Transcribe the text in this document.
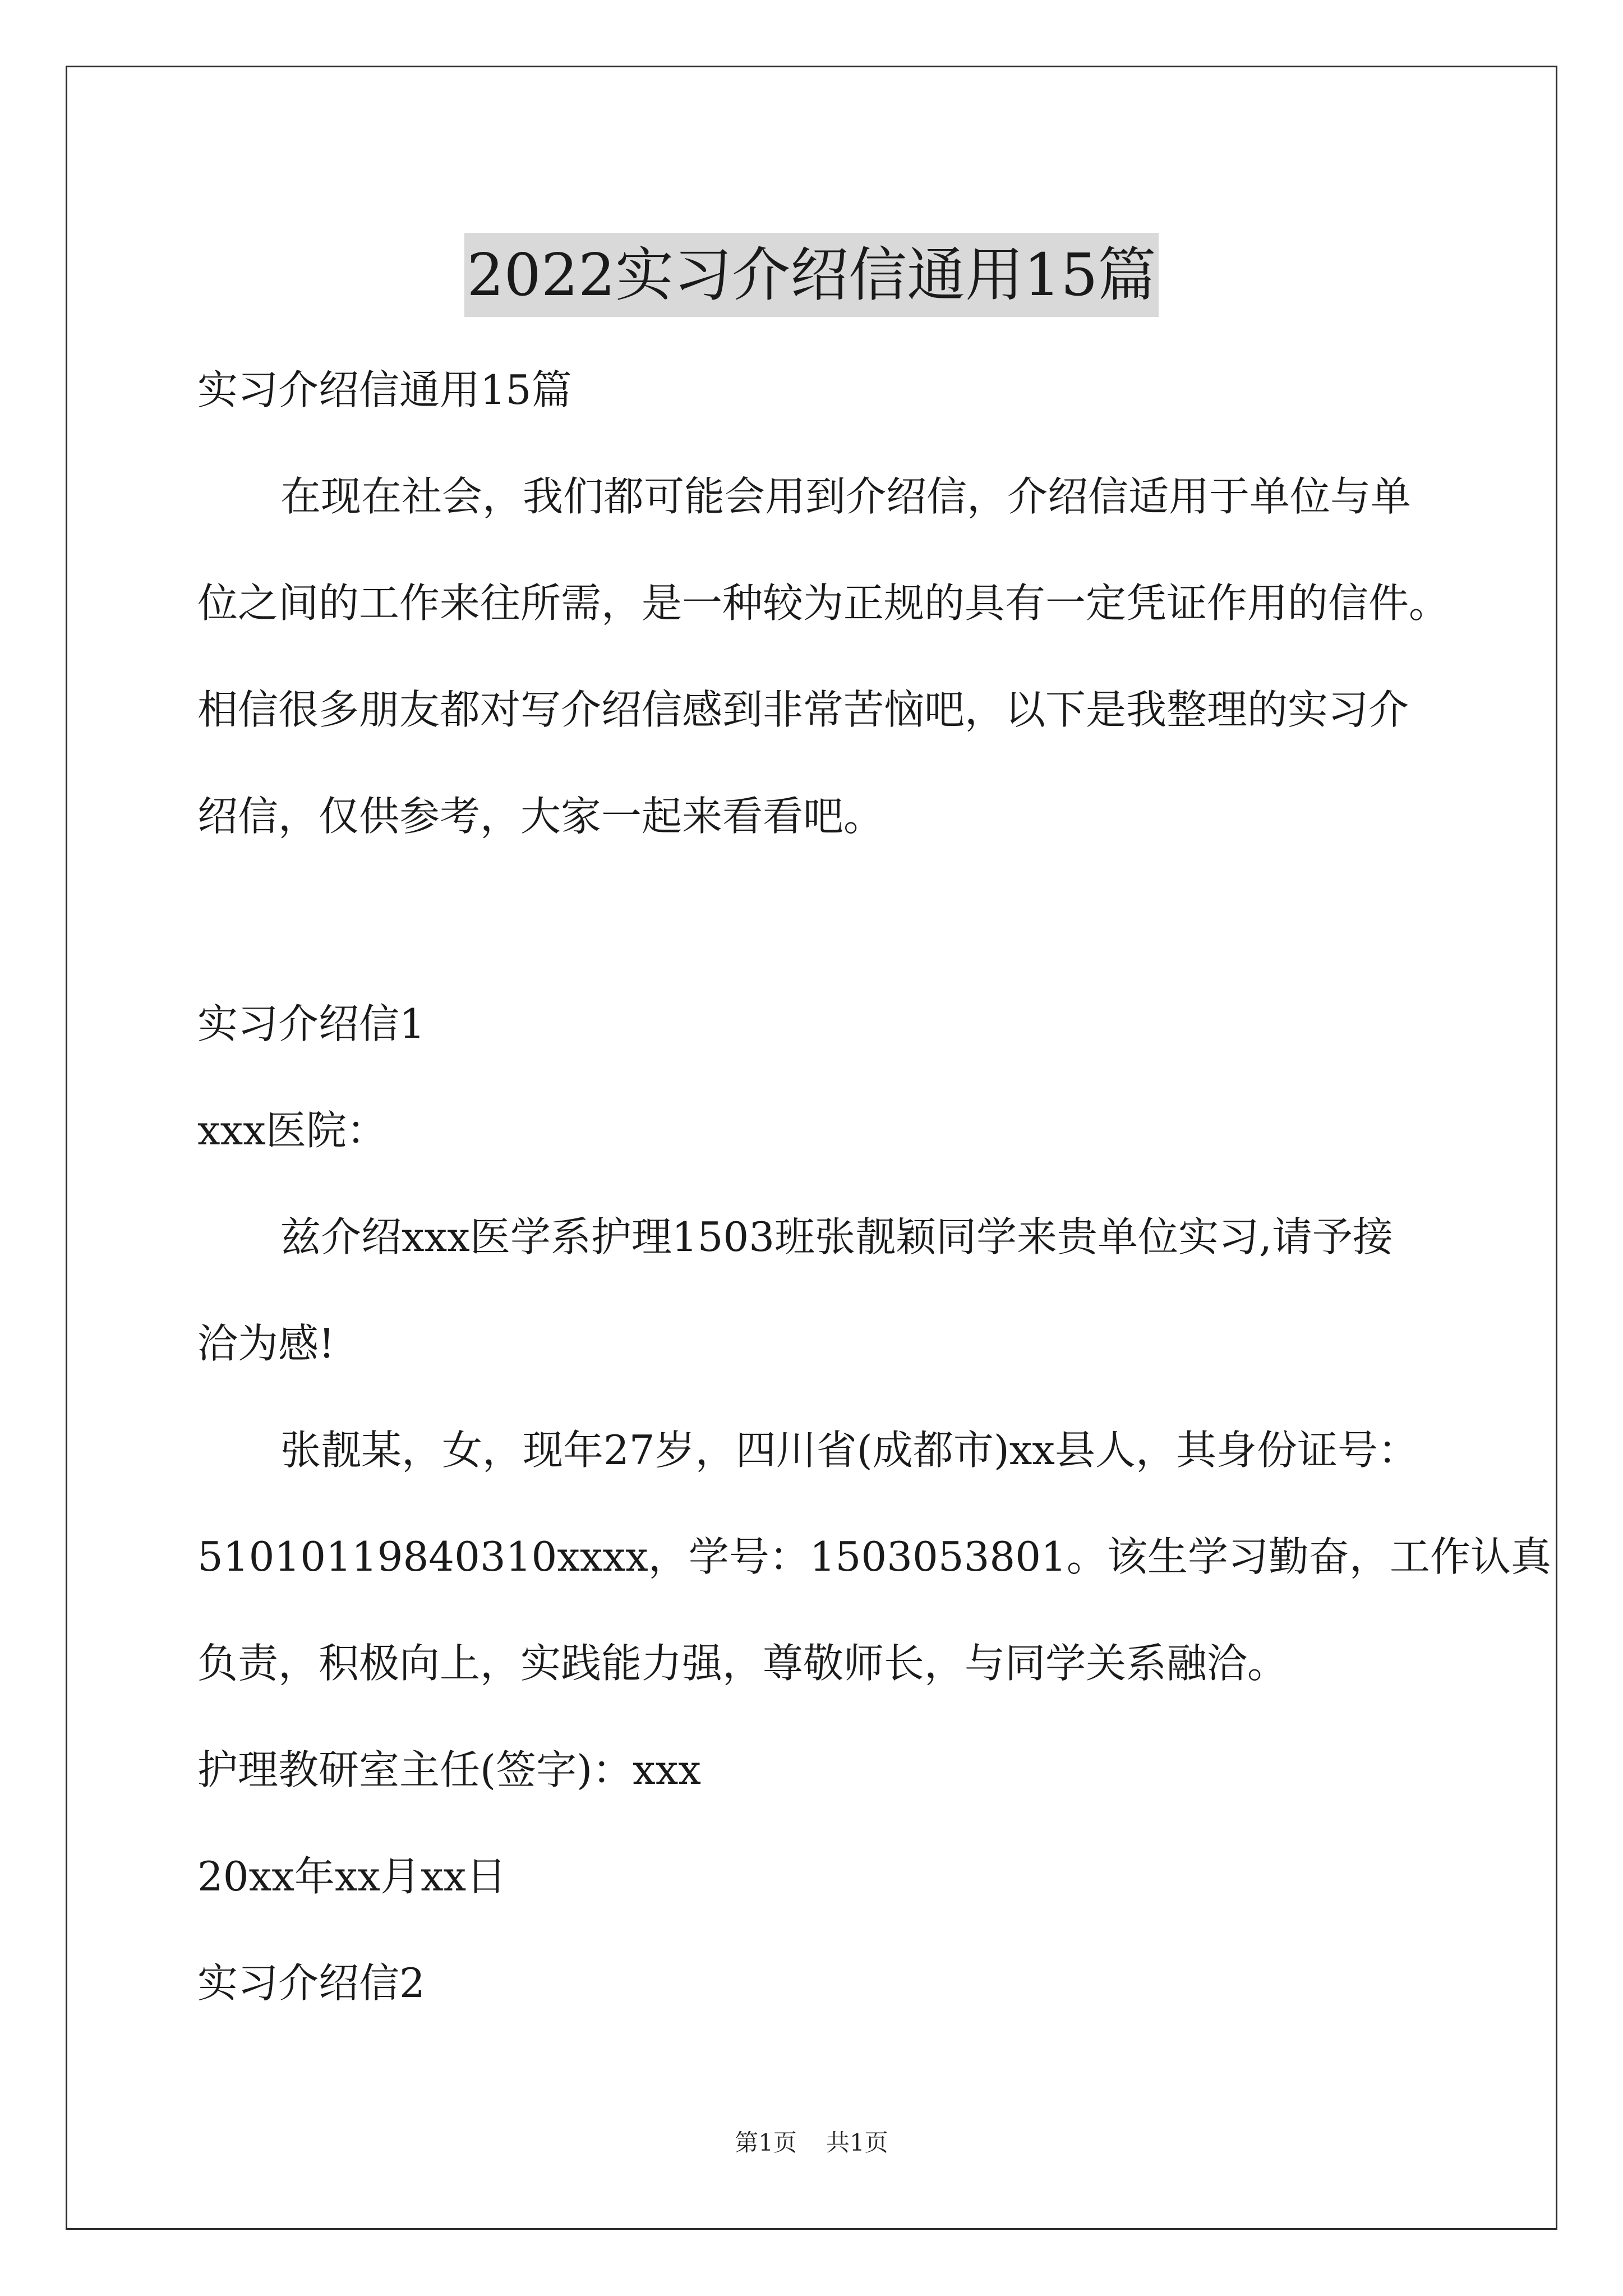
2022实习介绍信通用15篇
实习介绍信通用15篇
在现在社会，我们都可能会用到介绍信，介绍信适用于单位与单
位之间的工作来往所需，是一种较为正规的具有一定凭证作用的信件。
相信很多朋友都对写介绍信感到非常苦恼吧，以下是我整理的实习介
绍信，仅供参考，大家一起来看看吧。
实习介绍信1
xxx医院：
兹介绍xxx医学系护理1503班张靓颖同学来贵单位实习,请予接
洽为感!
张靓某，女，现年27岁，四川省(成都市)xx县人，其身份证号：
51010119840310xxxx，学号：1503053801。该生学习勤奋，工作认真
负责，积极向上，实践能力强，尊敬师长，与同学关系融洽。
护理教研室主任(签字)：xxx
20xx年xx月xx日
实习介绍信2
第1页 共1页
